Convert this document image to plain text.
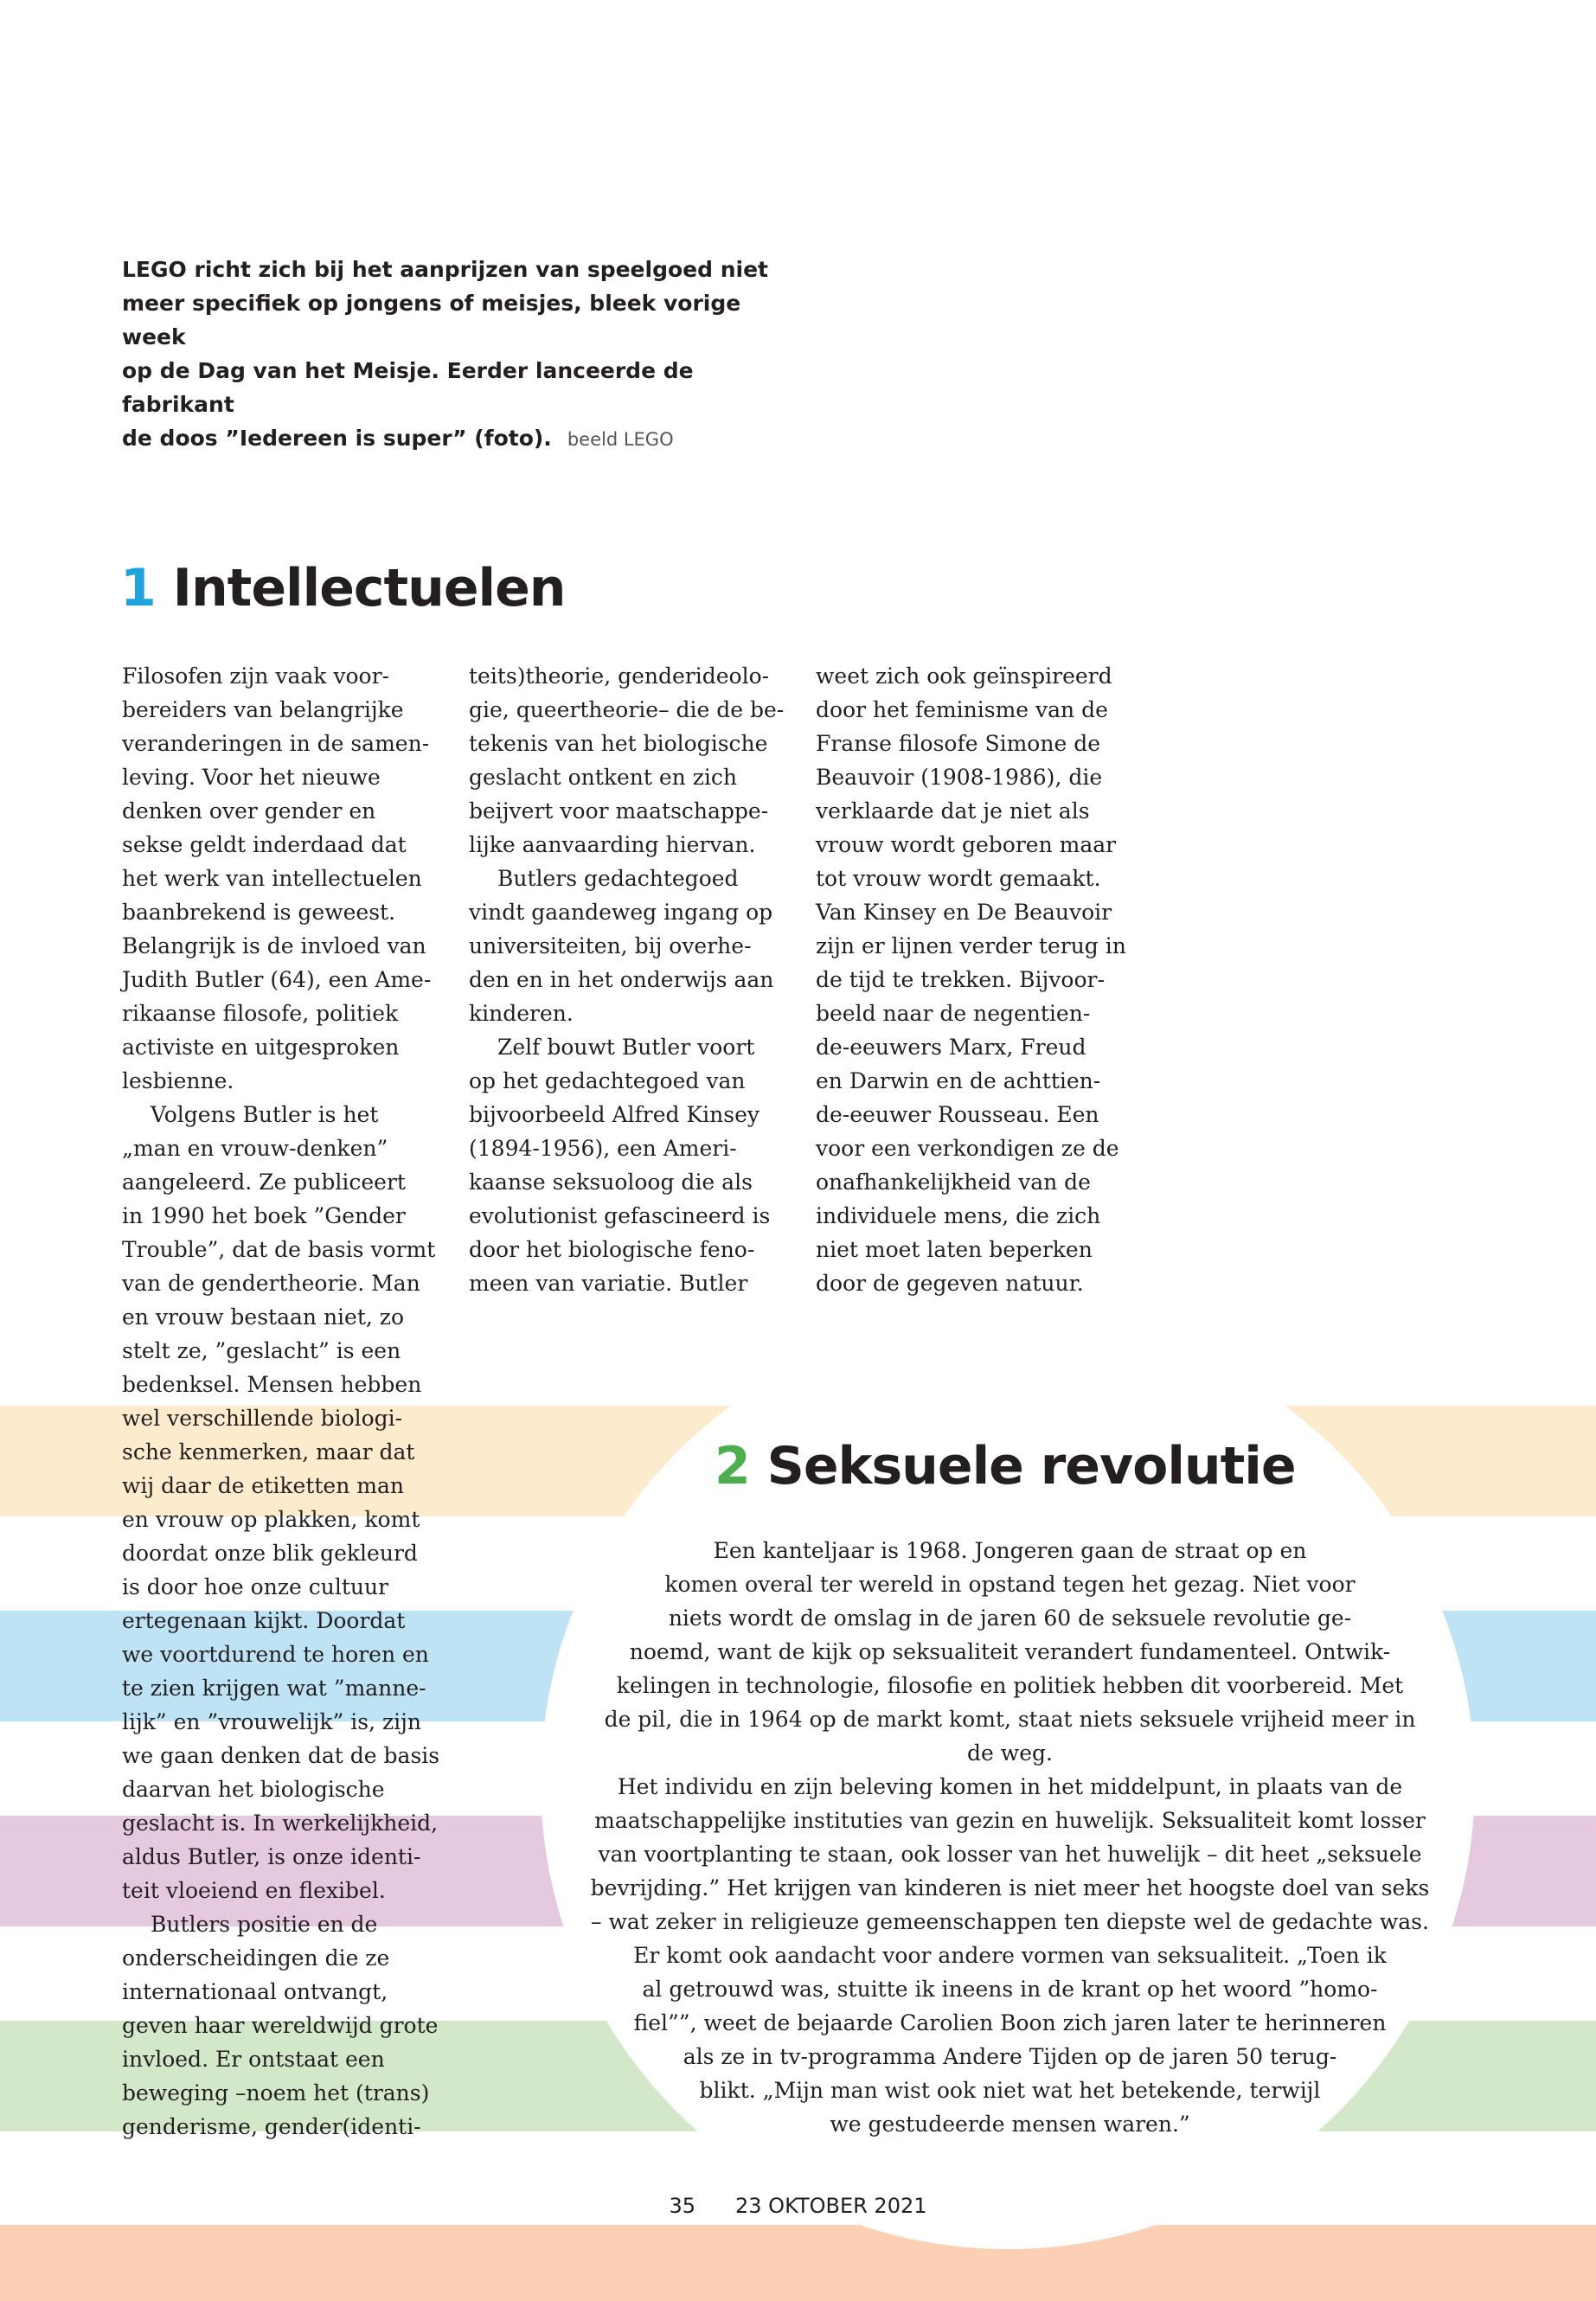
LEGO richt zich bij het aanprijzen van speelgoed niet
meer specifiek op jongens of meisjes, bleek vorige week
op de Dag van het Meisje. Eerder lanceerde de fabrikant
de doos ”Iedereen is super” (foto). beeld LEGO
1 Intellectuelen
Filosofen zijn vaak voor-
bereiders van belangrijke
veranderingen in de samen-
leving. Voor het nieuwe
denken over gender en
sekse geldt inderdaad dat
het werk van intellectuelen
baanbrekend is geweest.
Belangrijk is de invloed van
Judith Butler (64), een Ame-
rikaanse filosofe, politiek
activiste en uitgesproken
lesbienne.
Volgens Butler is het
„man en vrouw-denken”
aangeleerd. Ze publiceert
in 1990 het boek ”Gender
Trouble”, dat de basis vormt
van de gendertheorie. Man
en vrouw bestaan niet, zo
stelt ze, ”geslacht” is een
bedenksel. Mensen hebben
wel verschillende biologi-
sche kenmerken, maar dat
wij daar de etiketten man
en vrouw op plakken, komt
doordat onze blik gekleurd
is door hoe onze cultuur
ertegenaan kijkt. Doordat
we voortdurend te horen en
te zien krijgen wat ”manne-
lijk” en ”vrouwelijk” is, zijn
we gaan denken dat de basis
daarvan het biologische
geslacht is. In werkelijkheid,
aldus Butler, is onze identi-
teit vloeiend en flexibel.
Butlers positie en de
onderscheidingen die ze
internationaal ontvangt,
geven haar wereldwijd grote
invloed. Er ontstaat een
beweging –noem het (trans)
genderisme, gender(identi-
teits)theorie, genderideolo-
gie, queertheorie– die de be-
tekenis van het biologische
geslacht ontkent en zich
beijvert voor maatschappe-
lijke aanvaarding hiervan.
Butlers gedachtegoed
vindt gaandeweg ingang op
universiteiten, bij overhe-
den en in het onderwijs aan
kinderen.
Zelf bouwt Butler voort
op het gedachtegoed van
bijvoorbeeld Alfred Kinsey
(1894-1956), een Ameri-
kaanse seksuoloog die als
evolutionist gefascineerd is
door het biologische feno-
meen van variatie. Butler
weet zich ook geïnspireerd
door het feminisme van de
Franse filosofe Simone de
Beauvoir (1908-1986), die
verklaarde dat je niet als
vrouw wordt geboren maar
tot vrouw wordt gemaakt.
Van Kinsey en De Beauvoir
zijn er lijnen verder terug in
de tijd te trekken. Bijvoor-
beeld naar de negentien-
de-eeuwers Marx, Freud
en Darwin en de achttien-
de-eeuwer Rousseau. Een
voor een verkondigen ze de
onafhankelijkheid van de
individuele mens, die zich
niet moet laten beperken
door de gegeven natuur.
2 Seksuele revolutie
Een kanteljaar is 1968. Jongeren gaan de straat op en
komen overal ter wereld in opstand tegen het gezag. Niet voor
niets wordt de omslag in de jaren 60 de seksuele revolutie ge-
noemd, want de kijk op seksualiteit verandert fundamenteel. Ontwik-
kelingen in technologie, filosofie en politiek hebben dit voorbereid. Met
de pil, die in 1964 op de markt komt, staat niets seksuele vrijheid meer in
de weg.
Het individu en zijn beleving komen in het middelpunt, in plaats van de
maatschappelijke instituties van gezin en huwelijk. Seksualiteit komt losser
van voortplanting te staan, ook losser van het huwelijk – dit heet „seksuele
bevrijding.” Het krijgen van kinderen is niet meer het hoogste doel van seks
– wat zeker in religieuze gemeenschappen ten diepste wel de gedachte was.
Er komt ook aandacht voor andere vormen van seksualiteit. „Toen ik
al getrouwd was, stuitte ik ineens in de krant op het woord ”homo-
fiel””, weet de bejaarde Carolien Boon zich jaren later te herinneren
als ze in tv-programma Andere Tijden op de jaren 50 terug-
blikt. „Mijn man wist ook niet wat het betekende, terwijl
we gestudeerde mensen waren.”
35 23 OKTOBER 2021
